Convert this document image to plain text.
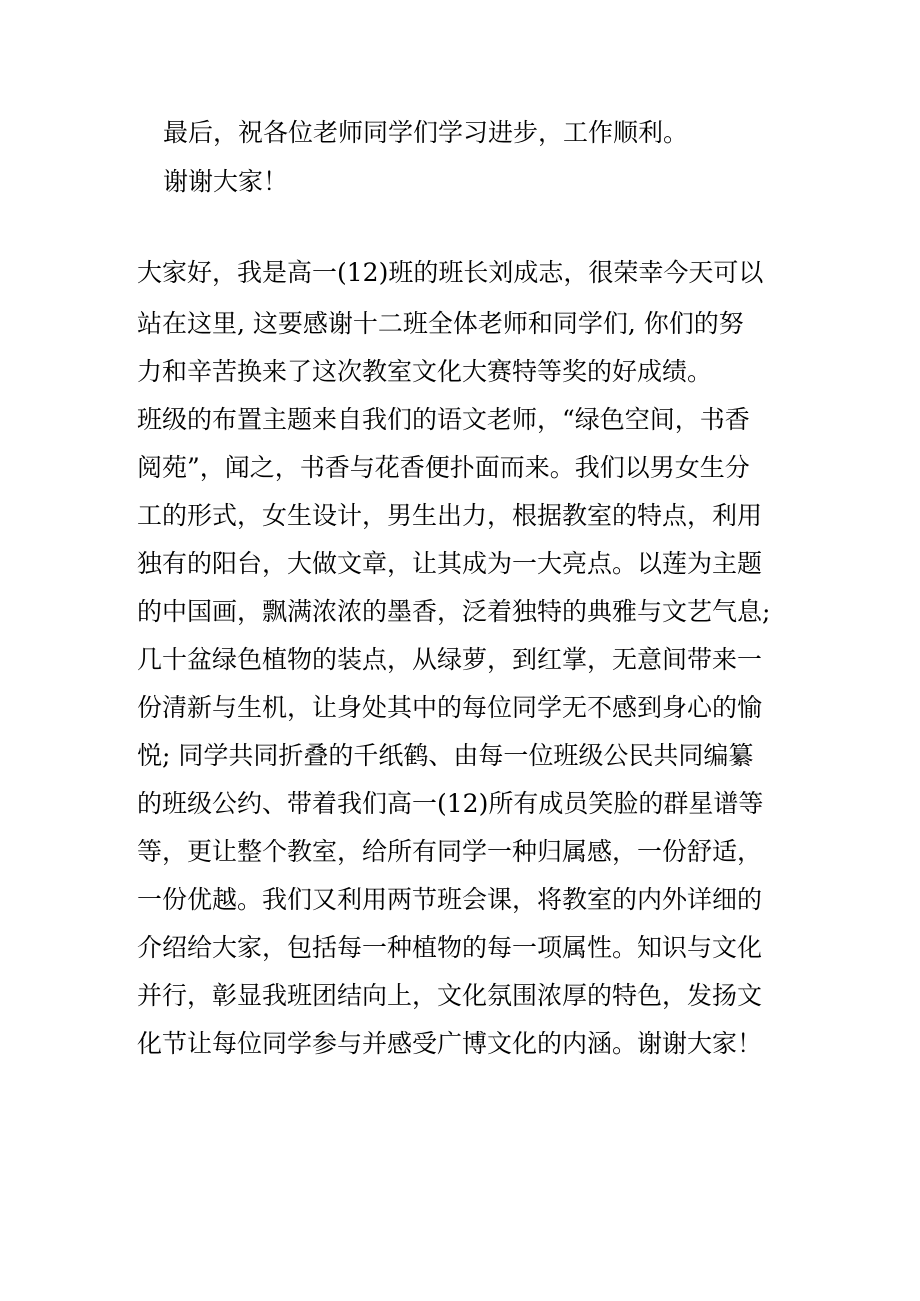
最后，祝各位老师同学们学习进步，工作顺利。
谢谢大家！
大家好，我是高一(12)班的班长刘成志，很荣幸今天可以
站在这里, 这要感谢十二班全体老师和同学们, 你们的努
力和辛苦换来了这次教室文化大赛特等奖的好成绩。
班级的布置主题来自我们的语文老师，“绿色空间，书香
阅苑”，闻之，书香与花香便扑面而来。我们以男女生分
工的形式，女生设计，男生出力，根据教室的特点，利用
独有的阳台，大做文章，让其成为一大亮点。以莲为主题
的中国画，飘满浓浓的墨香，泛着独特的典雅与文艺气息;
几十盆绿色植物的装点，从绿萝，到红掌，无意间带来一
份清新与生机，让身处其中的每位同学无不感到身心的愉
悦; 同学共同折叠的千纸鹤、由每一位班级公民共同编纂
的班级公约、带着我们高一(12)所有成员笑脸的群星谱等
等，更让整个教室，给所有同学一种归属感，一份舒适，
一份优越。我们又利用两节班会课，将教室的内外详细的
介绍给大家，包括每一种植物的每一项属性。知识与文化
并行，彰显我班团结向上，文化氛围浓厚的特色，发扬文
化节让每位同学参与并感受广博文化的内涵。谢谢大家！
